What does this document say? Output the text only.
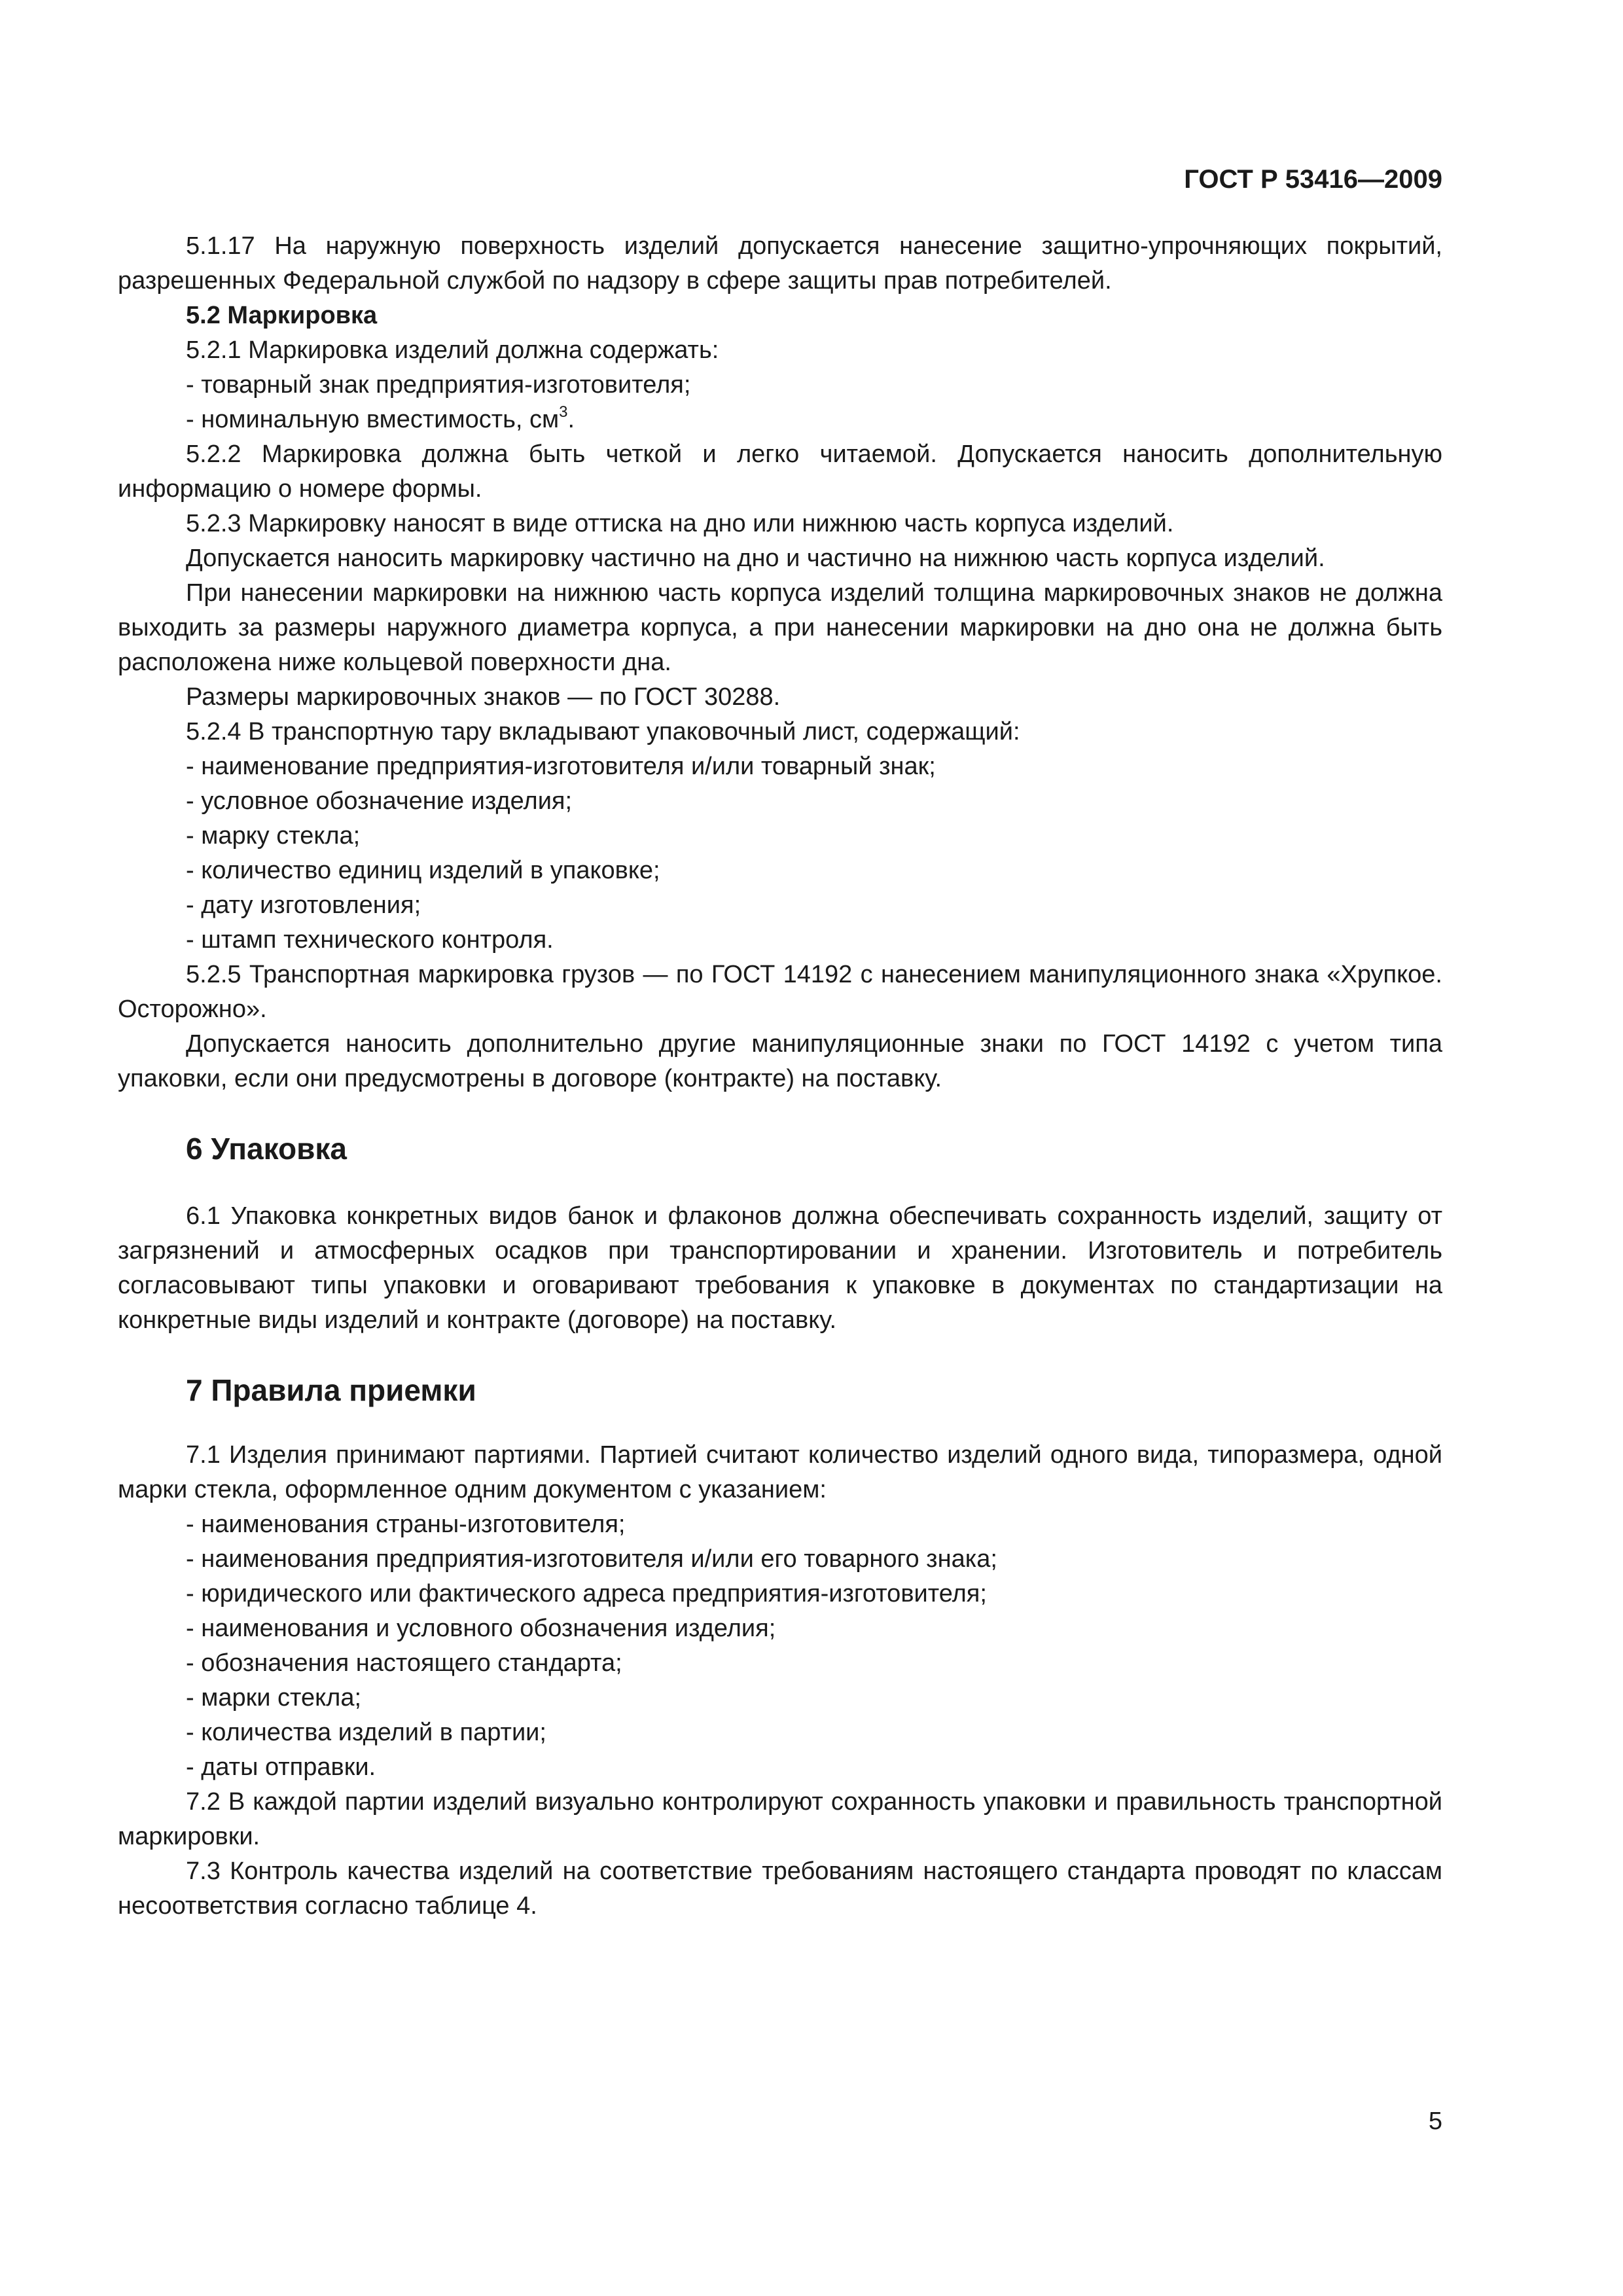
ГОСТ Р 53416—2009

5.1.17 На наружную поверхность изделий допускается нанесение защитно-упрочняющих покрытий, разрешенных Федеральной службой по надзору в сфере защиты прав потребителей.

5.2 Маркировка

5.2.1 Маркировка изделий должна содержать:

- товарный знак предприятия-изготовителя;

- номинальную вместимость, $см^3$.

5.2.2 Маркировка должна быть четкой и легко читаемой. Допускается наносить дополнительную информацию о номере формы.

5.2.3 Маркировку наносят в виде оттиска на дно или нижнюю часть корпуса изделий.

Допускается наносить маркировку частично на дно и частично на нижнюю часть корпуса изделий.

При нанесении маркировки на нижнюю часть корпуса изделий толщина маркировочных знаков не должна выходить за размеры наружного диаметра корпуса, а при нанесении маркировки на дно она не должна быть расположена ниже кольцевой поверхности дна.

Размеры маркировочных знаков — по ГОСТ 30288.

5.2.4 В транспортную тару вкладывают упаковочный лист, содержащий:

- наименование предприятия-изготовителя и/или товарный знак;

- условное обозначение изделия;

- марку стекла;

- количество единиц изделий в упаковке;

- дату изготовления;

- штамп технического контроля.

5.2.5 Транспортная маркировка грузов — по ГОСТ 14192 с нанесением манипуляционного знака «Хрупкое. Осторожно».

Допускается наносить дополнительно другие манипуляционные знаки по ГОСТ 14192 с учетом типа упаковки, если они предусмотрены в договоре (контракте) на поставку.

6 Упаковка

6.1 Упаковка конкретных видов банок и флаконов должна обеспечивать сохранность изделий, защиту от загрязнений и атмосферных осадков при транспортировании и хранении. Изготовитель и потребитель согласовывают типы упаковки и оговаривают требования к упаковке в документах по стандартизации на конкретные виды изделий и контракте (договоре) на поставку.

7 Правила приемки

7.1 Изделия принимают партиями. Партией считают количество изделий одного вида, типоразмера, одной марки стекла, оформленное одним документом с указанием:

- наименования страны-изготовителя;

- наименования предприятия-изготовителя и/или его товарного знака;

- юридического или фактического адреса предприятия-изготовителя;

- наименования и условного обозначения изделия;

- обозначения настоящего стандарта;

- марки стекла;

- количества изделий в партии;

- даты отправки.

7.2 В каждой партии изделий визуально контролируют сохранность упаковки и правильность транспортной маркировки.

7.3 Контроль качества изделий на соответствие требованиям настоящего стандарта проводят по классам несоответствия согласно таблице 4.

5
